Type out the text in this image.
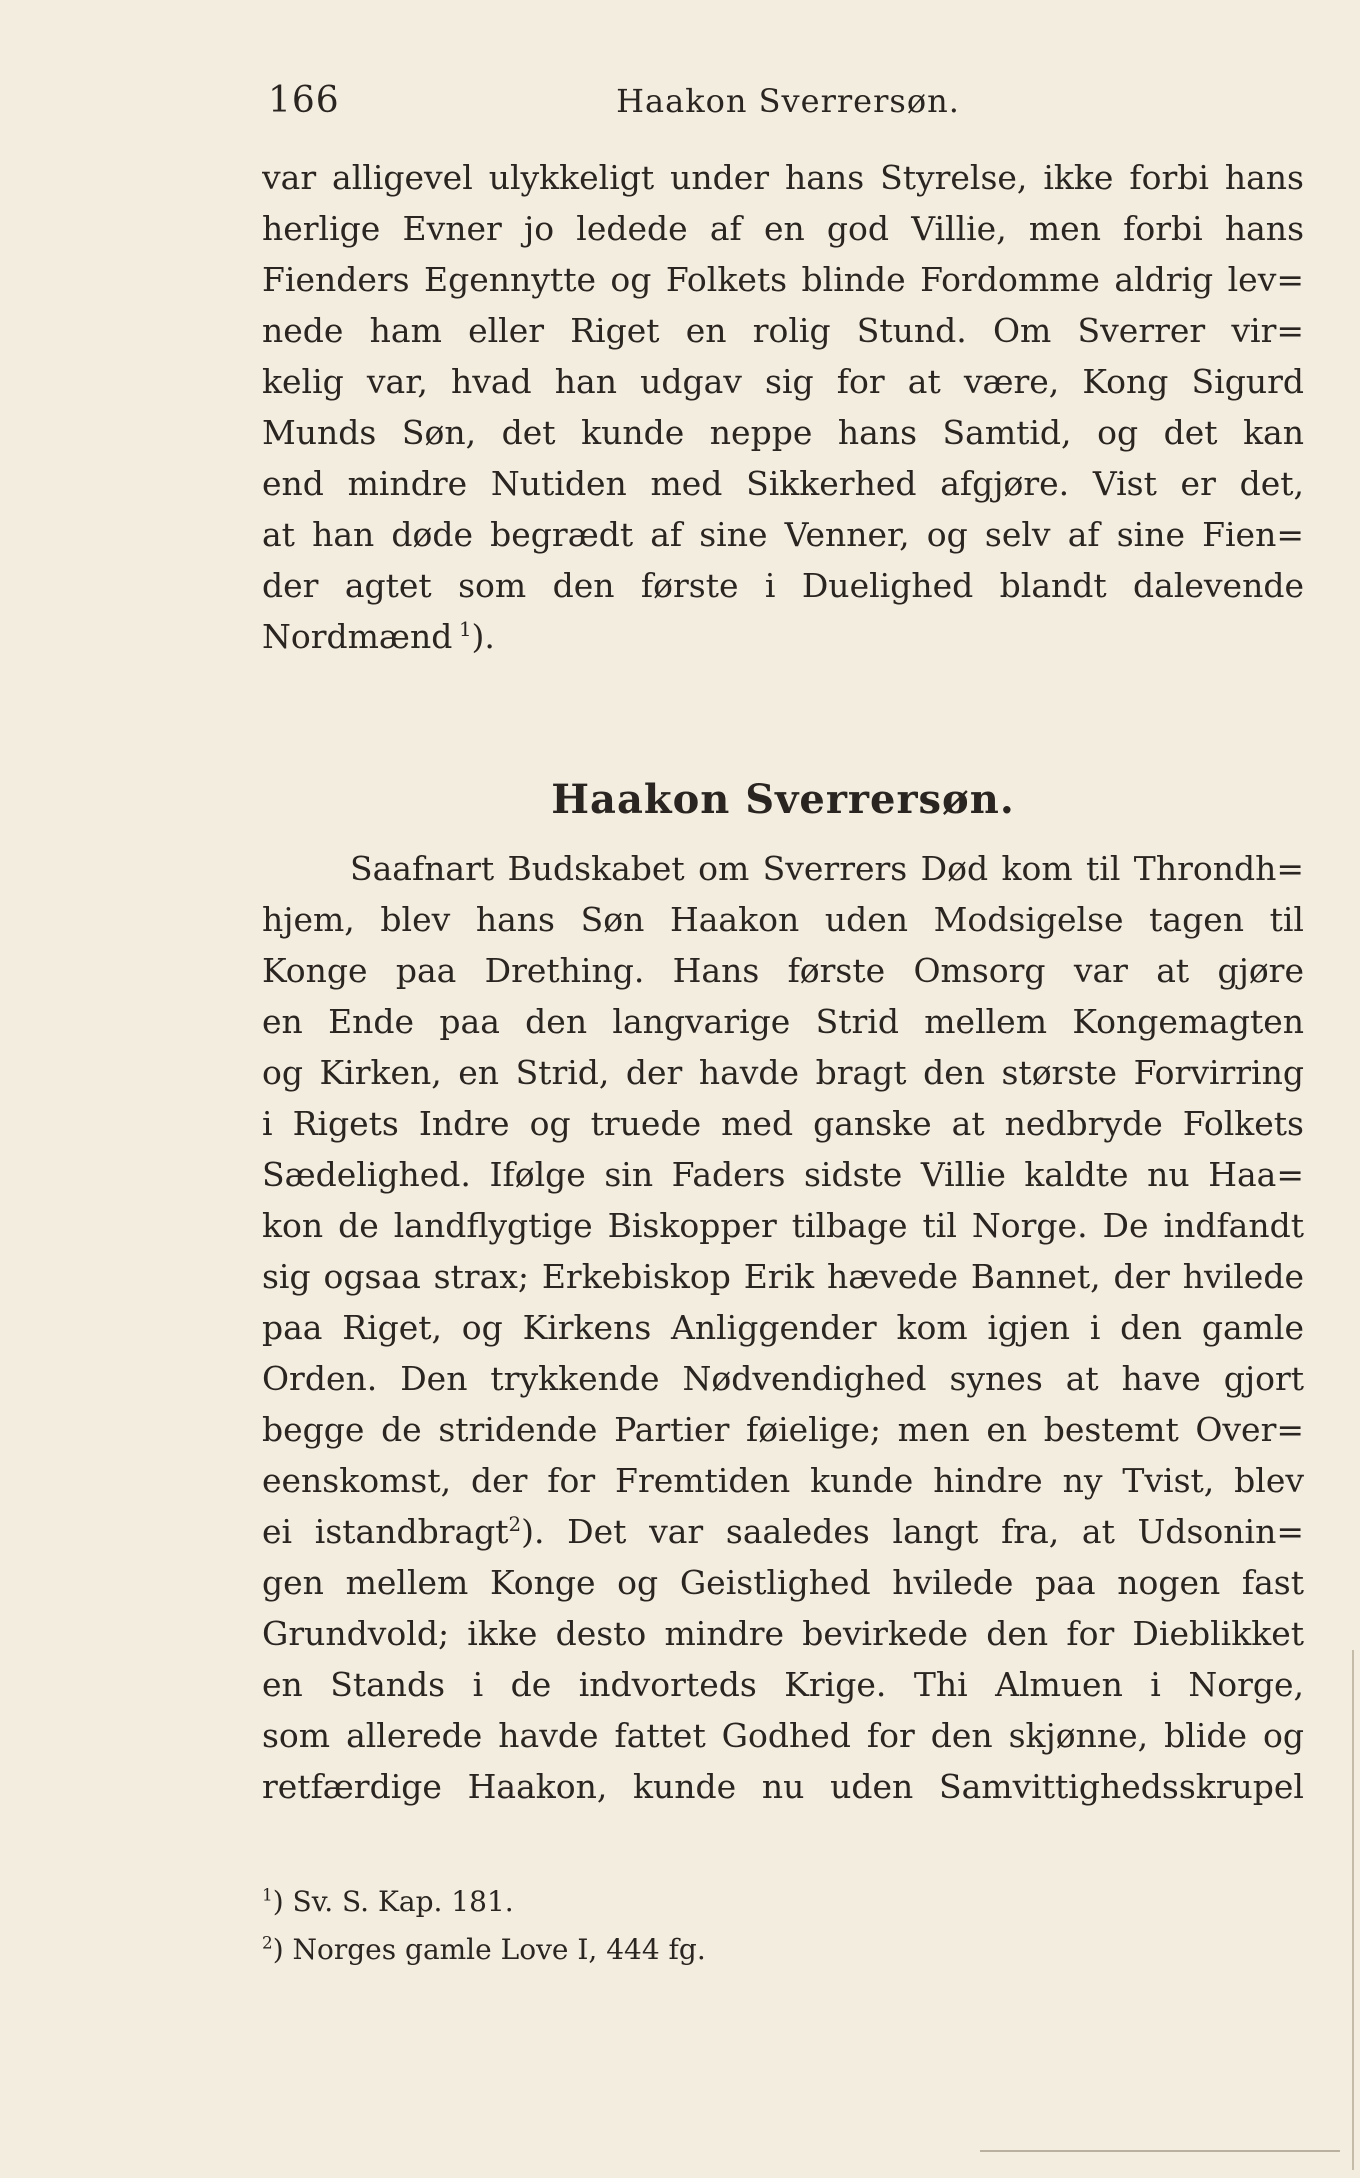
166	Haakon Sverrersøn.
var alligevel ulykkeligt under hans Styrelse, ikke forbi hans
herlige Evner jo ledede af en god Villie, men forbi hans
Fienders Egennytte og Folkets blinde Fordomme aldrig lev=
nede ham eller Riget en rolig Stund. Om Sverrer vir=
kelig var, hvad han udgav sig for at være, Kong Sigurd
Munds Søn, det kunde neppe hans Samtid, og det kan
end mindre Nutiden med Sikkerhed afgjøre. Vist er det,
at han døde begrædt af sine Venner, og selv af sine Fien=
der agtet som den første i Duelighed blandt dalevende
Nordmænd  $^1$).
Haakon Sverrersøn.
Saafnart Budskabet om Sverrers Død kom til Throndh=
hjem, blev hans Søn Haakon uden Modsigelse tagen til
Konge paa Drething. Hans første Omsorg var at gjøre
en Ende paa den langvarige Strid mellem Kongemagten
og Kirken, en Strid, der havde bragt den største Forvirring
i Rigets Indre og truede med ganske at nedbryde Folkets
Sædelighed. Ifølge sin Faders sidste Villie kaldte nu Haa=
kon de landflygtige Biskopper tilbage til Norge. De indfandt
sig ogsaa strax; Erkebiskop Erik hævede Bannet, der hvilede
paa Riget, og Kirkens Anliggender kom igjen i den gamle
Orden. Den trykkende Nødvendighed synes at have gjort
begge de stridende Partier føielige; men en bestemt Over=
eenskomst, der for Fremtiden kunde hindre ny Tvist, blev
ei istandbragt$^2$). Det var saaledes langt fra, at Udsonin=
gen mellem Konge og Geistlighed hvilede paa nogen fast
Grundvold; ikke desto mindre bevirkede den for Dieblikket
en Stands i de indvorteds Krige. Thi Almuen i Norge,
som allerede havde fattet Godhed for den skjønne, blide og
retfærdige Haakon, kunde nu uden Samvittighedsskrupel
$^1$) Sv. S. Kap. 181.
$^2$) Norges gamle Love I, 444 fg.
